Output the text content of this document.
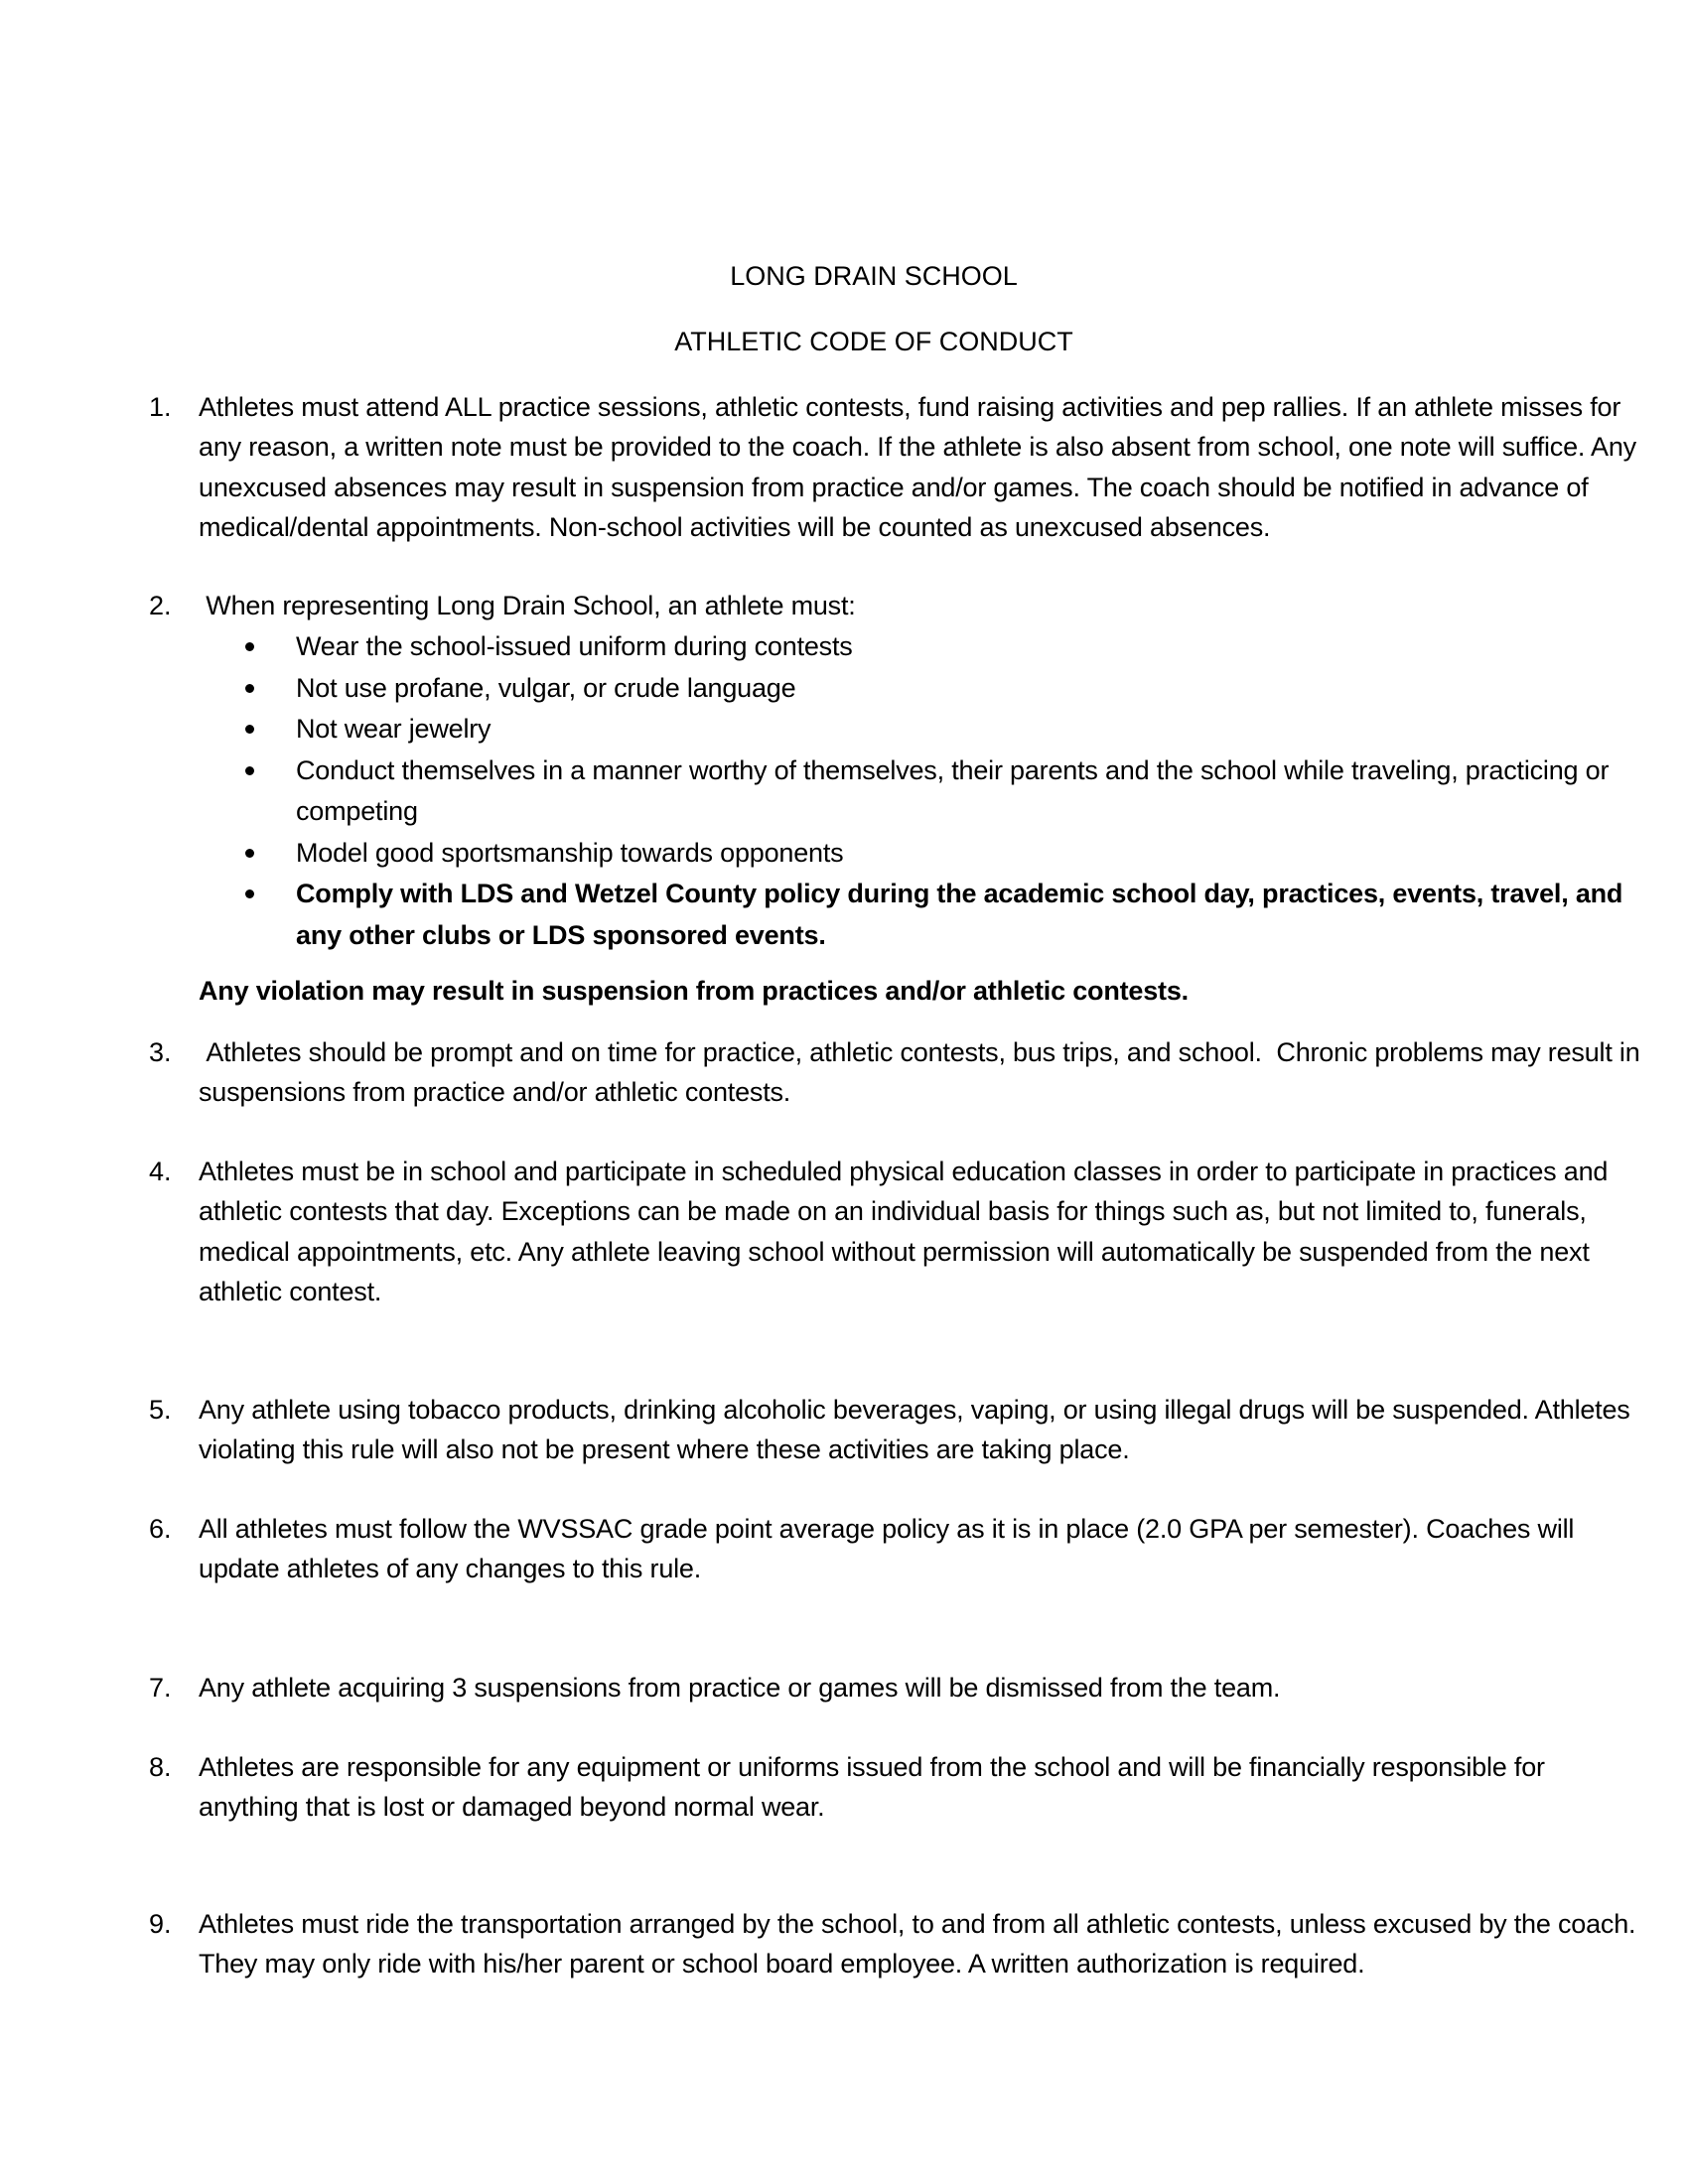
LONG DRAIN SCHOOL
ATHLETIC CODE OF CONDUCT
1. Athletes must attend ALL practice sessions, athletic contests, fund raising activities and pep rallies. If an athlete misses for any reason, a written note must be provided to the coach. If the athlete is also absent from school, one note will suffice. Any unexcused absences may result in suspension from practice and/or games. The coach should be notified in advance of medical/dental appointments. Non-school activities will be counted as unexcused absences.
2. When representing Long Drain School, an athlete must:
Wear the school-issued uniform during contests
Not use profane, vulgar, or crude language
Not wear jewelry
Conduct themselves in a manner worthy of themselves, their parents and the school while traveling, practicing or competing
Model good sportsmanship towards opponents
Comply with LDS and Wetzel County policy during the academic school day, practices, events, travel, and any other clubs or LDS sponsored events.
Any violation may result in suspension from practices and/or athletic contests.
3. Athletes should be prompt and on time for practice, athletic contests, bus trips, and school.  Chronic problems may result in suspensions from practice and/or athletic contests.
4. Athletes must be in school and participate in scheduled physical education classes in order to participate in practices and athletic contests that day. Exceptions can be made on an individual basis for things such as, but not limited to, funerals, medical appointments, etc. Any athlete leaving school without permission will automatically be suspended from the next athletic contest.
5. Any athlete using tobacco products, drinking alcoholic beverages, vaping, or using illegal drugs will be suspended. Athletes violating this rule will also not be present where these activities are taking place.
6. All athletes must follow the WVSSAC grade point average policy as it is in place (2.0 GPA per semester). Coaches will update athletes of any changes to this rule.
7. Any athlete acquiring 3 suspensions from practice or games will be dismissed from the team.
8. Athletes are responsible for any equipment or uniforms issued from the school and will be financially responsible for anything that is lost or damaged beyond normal wear.
9. Athletes must ride the transportation arranged by the school, to and from all athletic contests, unless excused by the coach. They may only ride with his/her parent or school board employee. A written authorization is required.
